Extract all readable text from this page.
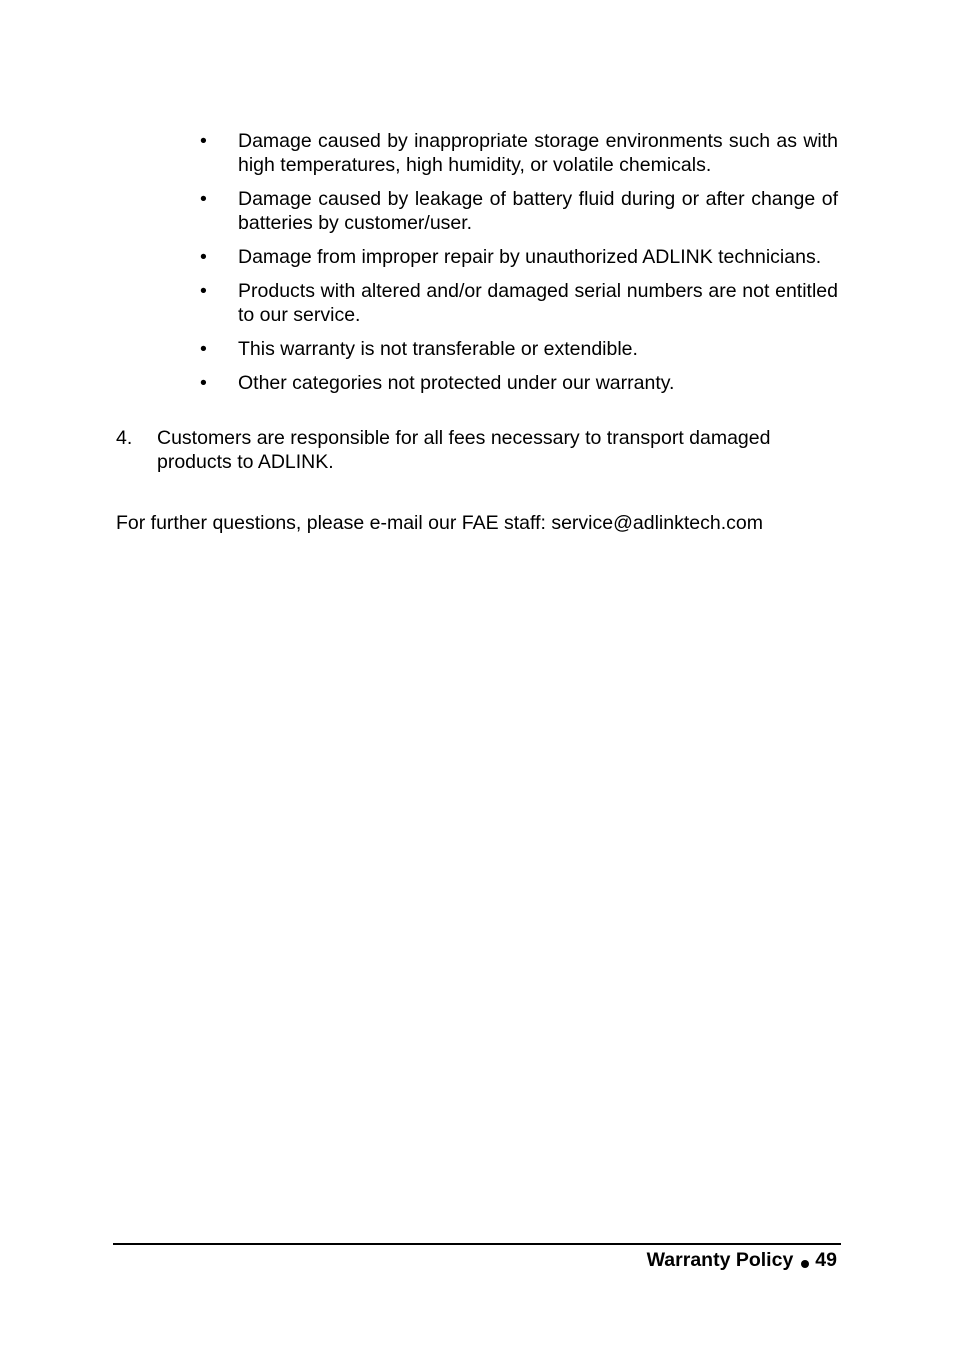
• Damage caused by inappropriate storage environments such as with high temperatures, high humidity, or volatile chemicals.
• Damage caused by leakage of battery fluid during or after change of batteries by customer/user.
• Damage from improper repair by unauthorized ADLINK technicians.
• Products with altered and/or damaged serial numbers are not entitled to our service.
• This warranty is not transferable or extendible.
• Other categories not protected under our warranty.
4. Customers are responsible for all fees necessary to transport damaged products to ADLINK.
For further questions, please e-mail our FAE staff: service@adlinktech.com
Warranty Policy 49
